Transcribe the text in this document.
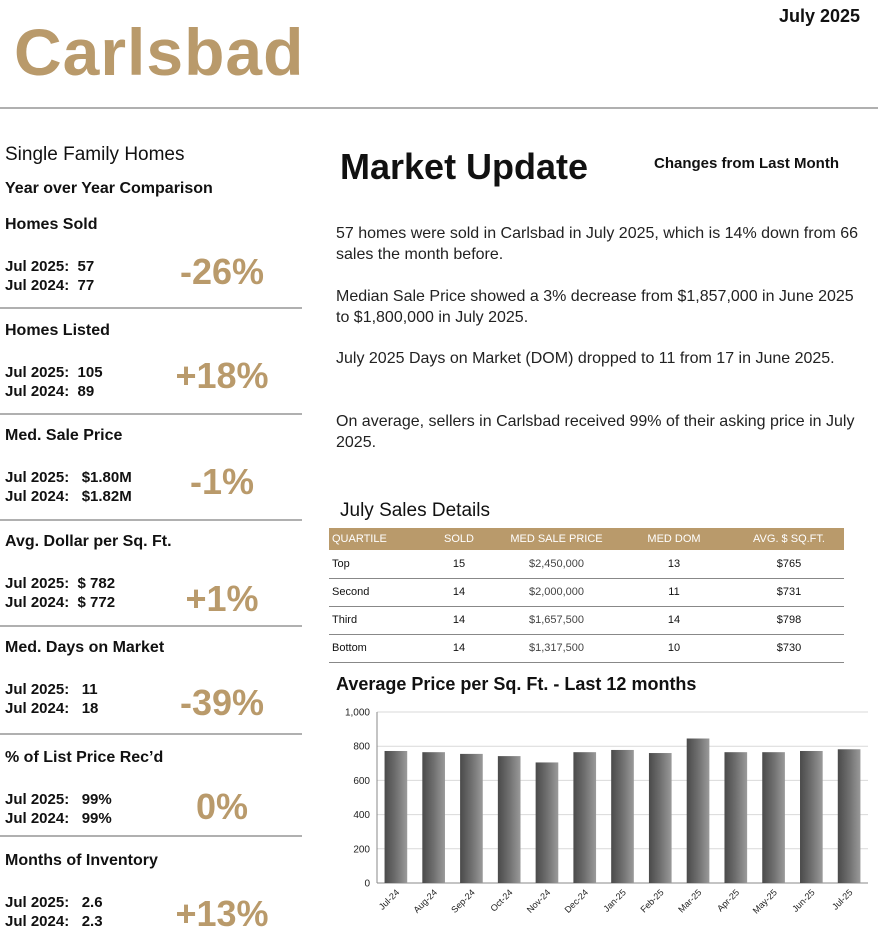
July 2025
Carlsbad
Single Family Homes
Year over Year Comparison
Homes Sold
Jul 2025:  57
Jul 2024:  77	-26%
Homes Listed
Jul 2025:  105
Jul 2024:  89	+18%
Med. Sale Price
Jul 2025:   $1.80M
Jul 2024:   $1.82M	-1%
Avg. Dollar per Sq. Ft.
Jul 2025:  $ 782
Jul 2024:  $ 772	+1%
Med. Days on Market
Jul 2025:   11
Jul 2024:   18	-39%
% of List Price Rec’d
Jul 2025:   99%
Jul 2024:   99%	0%
Months of Inventory
Jul 2025:   2.6
Jul 2024:   2.3	+13%
Market Update	Changes from Last Month
57 homes were sold in Carlsbad in July 2025, which is 14% down from 66 sales the month before.
Median Sale Price showed a 3% decrease from $1,857,000 in June 2025 to $1,800,000 in July 2025.
July 2025 Days on Market (DOM) dropped to 11 from 17 in June 2025.
On average, sellers in Carlsbad received 99% of their asking price in July 2025.
July Sales Details
QUARTILE	SOLD	MED SALE PRICE	MED DOM	AVG. $ SQ.FT.
Top	15	$2,450,000	13	$765
Second	14	$2,000,000	11	$731
Third	14	$1,657,500	14	$798
Bottom	14	$1,317,500	10	$730
Average Price per Sq. Ft. - Last 12 months
0
200
400
600
800
1,000
Jul-24 Aug-24 Sep-24 Oct-24 Nov-24 Dec-24 Jan-25 Feb-25 Mar-25 Apr-25 May-25 Jun-25 Jul-25
